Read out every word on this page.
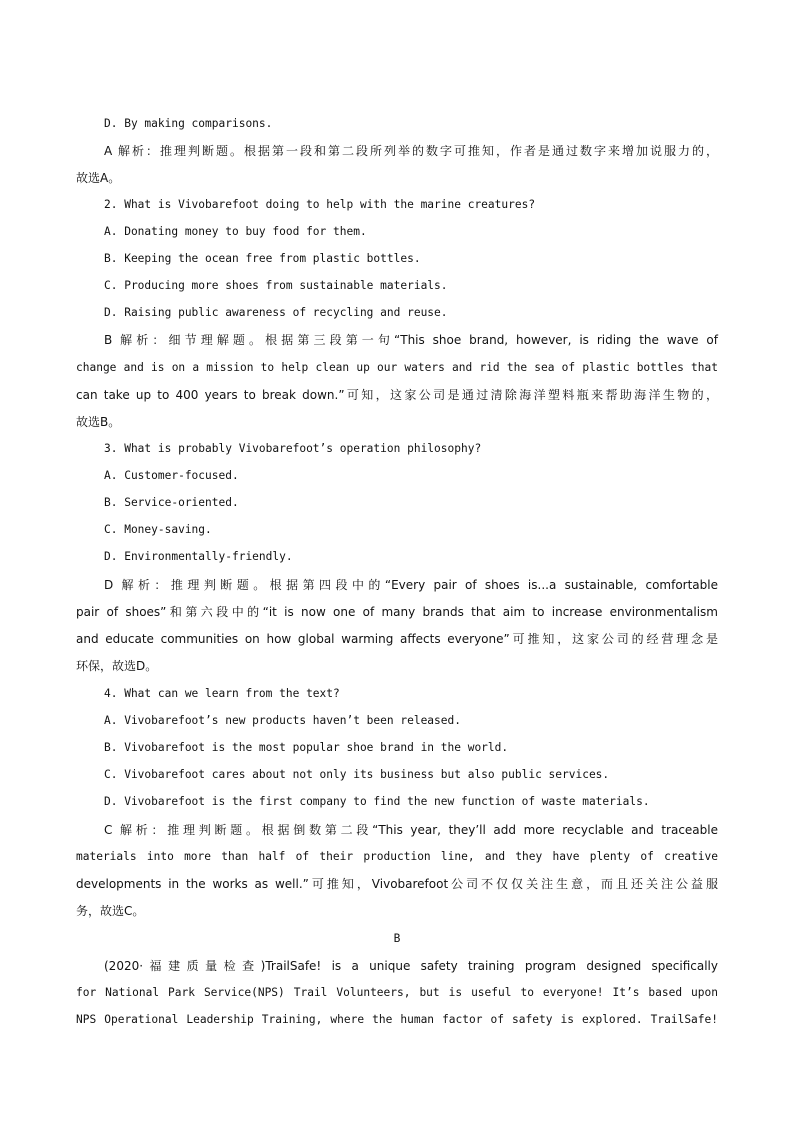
D. By making comparisons.
A 解析：推理判断题。根据第一段和第二段所列举的数字可推知，作者是通过数字来增加说服力的，
故选A。
2. What is Vivobarefoot doing to help with the marine creatures?
A. Donating money to buy food for them.
B. Keeping the ocean free from plastic bottles.
C. Producing more shoes from sustainable materials.
D. Raising public awareness of recycling and reuse.
B 解析：细节理解题。根据第三段第一句“This shoe brand, however, is riding the wave of
change and is on a mission to help clean up our waters and rid the sea of plastic bottles that
can take up to 400 years to break down.”可知，这家公司是通过清除海洋塑料瓶来帮助海洋生物的，
故选B。
3. What is probably Vivobarefoot’s operation philosophy?
A. Customer-focused.
B. Service-oriented.
C. Money-saving.
D. Environmentally-friendly.
D 解析：推理判断题。根据第四段中的“Every pair of shoes is...a sustainable, comfortable
pair of shoes”和第六段中的“it is now one of many brands that aim to increase environmentalism
and educate communities on how global warming affects everyone”可推知，这家公司的经营理念是
环保，故选D。
4. What can we learn from the text?
A. Vivobarefoot’s new products haven’t been released.
B. Vivobarefoot is the most popular shoe brand in the world.
C. Vivobarefoot cares about not only its business but also public services.
D. Vivobarefoot is the first company to find the new function of waste materials.
C 解析：推理判断题。根据倒数第二段“This year, they’ll add more recyclable and traceable
materials into more than half of their production line, and they have plenty of creative
developments in the works as well.”可推知，Vivobarefoot公司不仅仅关注生意，而且还关注公益服
务，故选C。
B
(2020·福建质量检查)TrailSafe! is a unique safety training program designed specifically
for National Park Service(NPS) Trail Volunteers, but is useful to everyone! It’s based upon
NPS Operational Leadership Training, where the human factor of safety is explored. TrailSafe!
